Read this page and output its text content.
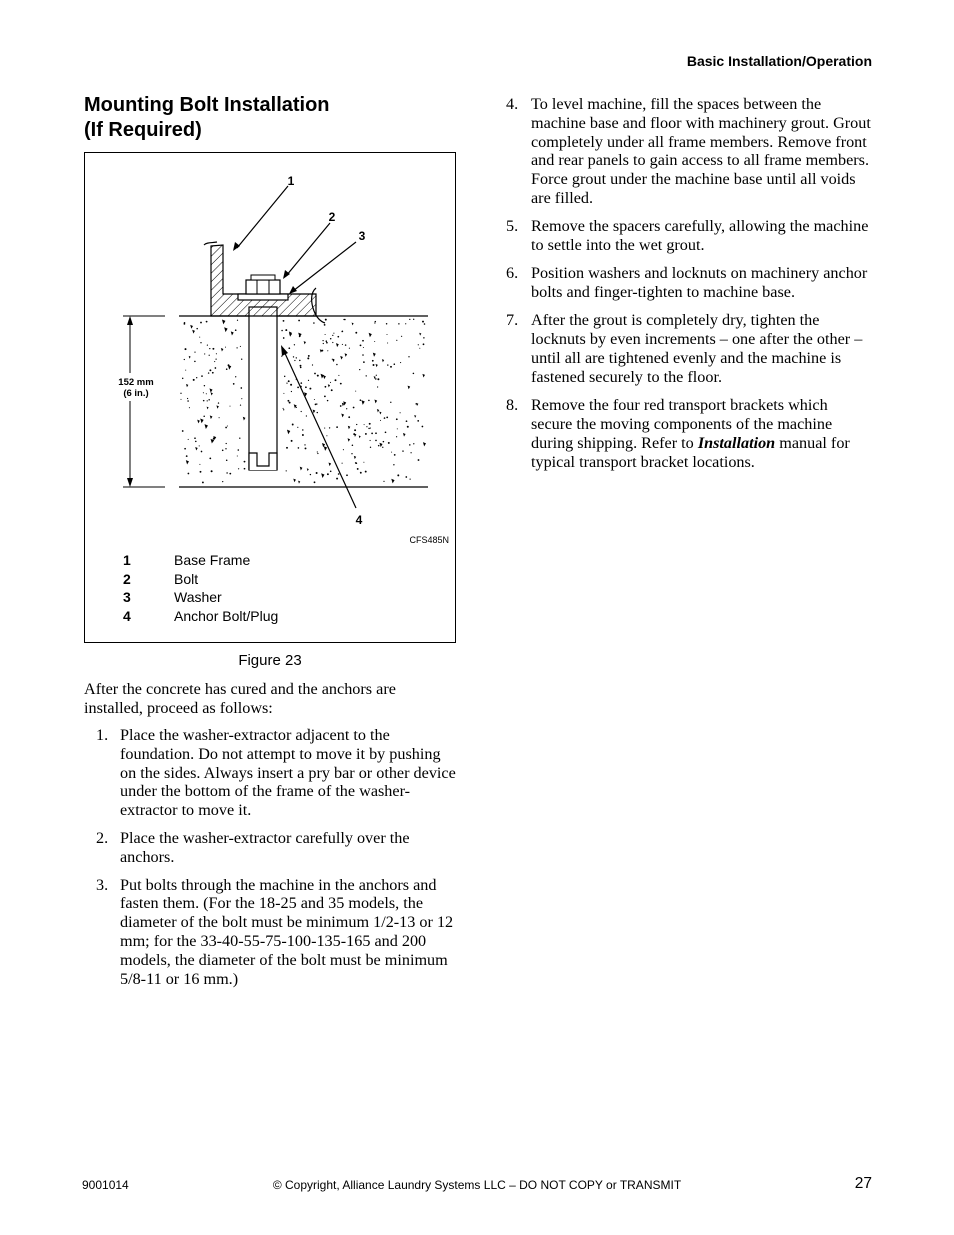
Basic Installation/Operation
Mounting Bolt Installation
(If Required)
152 mm
(6 in.)
1
2
3
4
CFS485N
1	Base Frame
2	Bolt
3	Washer
4	Anchor Bolt/Plug
Figure 23

After the concrete has cured and the anchors are installed, proceed as follows:

1. Place the washer-extractor adjacent to the foundation. Do not attempt to move it by pushing on the sides. Always insert a pry bar or other device under the bottom of the frame of the washer-extractor to move it.
2. Place the washer-extractor carefully over the anchors.
3. Put bolts through the machine in the anchors and fasten them. (For the 18-25 and 35 models, the diameter of the bolt must be minimum 1/2-13 or 12 mm; for the 33-40-55-75-100-135-165 and 200 models, the diameter of the bolt must be minimum 5/8-11 or 16 mm.)
4. To level machine, fill the spaces between the machine base and floor with machinery grout. Grout completely under all frame members. Remove front and rear panels to gain access to all frame members. Force grout under the machine base until all voids are filled.
5. Remove the spacers carefully, allowing the machine to settle into the wet grout.
6. Position washers and locknuts on machinery anchor bolts and finger-tighten to machine base.
7. After the grout is completely dry, tighten the locknuts by even increments – one after the other – until all are tightened evenly and the machine is fastened securely to the floor.
8. Remove the four red transport brackets which secure the moving components of the machine during shipping. Refer to Installation manual for typical transport bracket locations.
9001014	© Copyright, Alliance Laundry Systems LLC – DO NOT COPY or TRANSMIT	27
